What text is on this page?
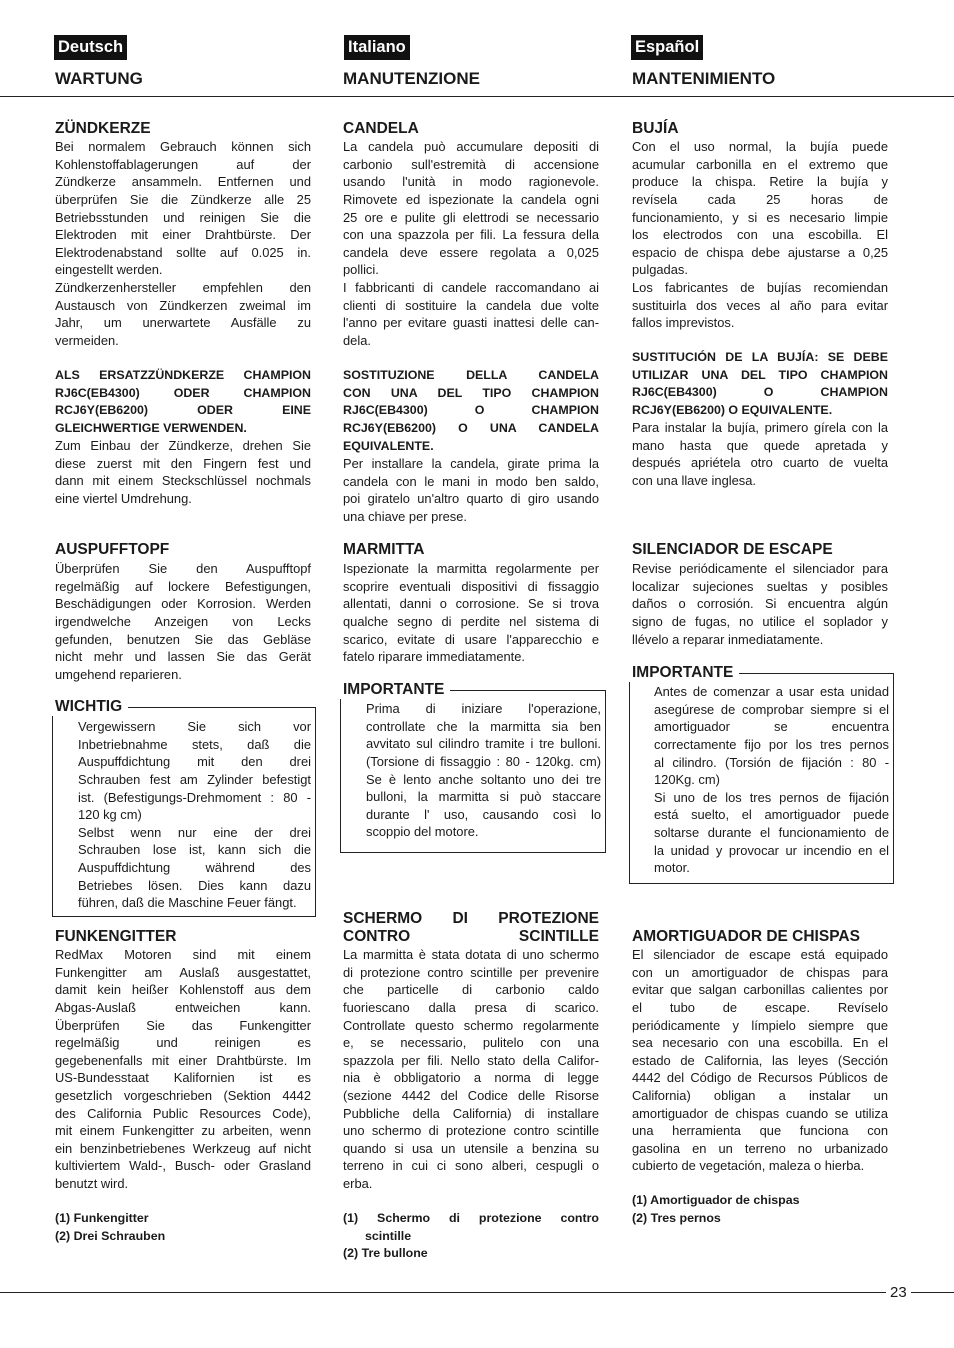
23
Deutsch
WARTUNG
ZÜNDKERZE
Bei normalem Gebrauch können sich
Kohlenstoffablagerungen auf der
Zündkerze ansammeln. Entfernen und
überprüfen Sie die Zündkerze alle 25
Betriebsstunden und reinigen Sie die
Elektroden mit einer Drahtbürste. Der
Elektrodenabstand sollte auf 0.025 in.
eingestellt werden.
Zündkerzenhersteller empfehlen den
Austausch von Zündkerzen zweimal im
Jahr, um unerwartete Ausfälle zu
vermeiden.
ALS ERSATZZÜNDKERZE CHAMPION
RJ6C(EB4300) ODER CHAMPION
RCJ6Y(EB6200) ODER EINE
GLEICHWERTIGE VERWENDEN.
Zum Einbau der Zündkerze, drehen Sie
diese zuerst mit den Fingern fest und
dann mit einem Steckschlüssel nochmals
eine viertel Umdrehung.
AUSPUFFTOPF
Überprüfen Sie den Auspufftopf
regelmäßig auf lockere Befestigungen,
Beschädigungen oder Korrosion. Werden
irgendwelche Anzeigen von Lecks
gefunden, benutzen Sie das Gebläse
nicht mehr und lassen Sie das Gerät
umgehend reparieren.
WICHTIG
Vergewissern Sie sich vor
Inbetriebnahme stets, daß die
Auspuffdichtung mit den drei
Schrauben fest am Zylinder befestigt
ist. (Befestigungs-Drehmoment : 80 -
120 kg cm)
Selbst wenn nur eine der drei
Schrauben lose ist, kann sich die
Auspuffdichtung während des
Betriebes lösen. Dies kann dazu
führen, daß die Maschine Feuer fängt.
FUNKENGITTER
RedMax Motoren sind mit einem
Funkengitter am Auslaß ausgestattet,
damit kein heißer Kohlenstoff aus dem
Abgas-Auslaß entweichen kann.
Überprüfen Sie das Funkengitter
regelmäßig und reinigen es
gegebenenfalls mit einer Drahtbürste. Im
US-Bundesstaat Kalifornien ist es
gesetzlich vorgeschrieben (Sektion 4442
des California Public Resources Code),
mit einem Funkengitter zu arbeiten, wenn
ein benzinbetriebenes Werkzeug auf nicht
kultiviertem Wald-, Busch- oder Grasland
benutzt wird.
(1) Funkengitter
(2) Drei Schrauben
Italiano
MANUTENZIONE
CANDELA
La candela può accumulare depositi di
carbonio sull'estremità di accensione
usando l'unità in modo ragionevole.
Rimovete ed ispezionate la candela ogni
25 ore e pulite gli elettrodi se necessario
con una spazzola per fili. La fessura della
candela deve essere regolata a 0,025
pollici.
I fabbricanti di candele raccomandano ai
clienti di sostituire la candela due volte
l'anno per evitare guasti inattesi delle can-
dela.
SOSTITUZIONE DELLA CANDELA
CON UNA DEL TIPO CHAMPION
RJ6C(EB4300) O CHAMPION
RCJ6Y(EB6200) O UNA CANDELA
EQUIVALENTE.
Per installare la candela, girate prima la
candela con le mani in modo ben saldo,
poi giratelo un'altro quarto di giro usando
una chiave per prese.
MARMITTA
Ispezionate la marmitta regolarmente per
scoprire eventuali dispositivi di fissaggio
allentati, danni o corrosione. Se si trova
qualche segno di perdite nel sistema di
scarico, evitate di usare l'apparecchio e
fatelo riparare immediatamente.
IMPORTANTE
Prima di iniziare l'operazione,
controllate che la marmitta sia ben
avvitato sul cilindro tramite i tre bulloni.
(Torsione di fissaggio : 80 - 120kg. cm)
Se è lento anche soltanto uno dei tre
bulloni, la marmitta si può staccare
durante l' uso, causando così lo
scoppio del motore.
SCHERMO DI PROTEZIONE
CONTRO SCINTILLE
La marmitta è stata dotata di uno schermo
di protezione contro scintille per prevenire
che particelle di carbonio caldo
fuoriescano dalla presa di scarico.
Controllate questo schermo regolarmente
e, se necessario, pulitelo con una
spazzola per fili. Nello stato della Califor-
nia è obbligatorio a norma di legge
(sezione 4442 del Codice delle Risorse
Pubbliche della California) di installare
uno schermo di protezione contro scintille
quando si usa un utensile a benzina su
terreno in cui ci sono alberi, cespugli o
erba.
(1) Schermo di protezione contro
scintille
(2) Tre bullone
Español
MANTENIMIENTO
BUJÍA
Con el uso normal, la bujía puede
acumular carbonilla en el extremo que
produce la chispa. Retire la bujía y
revísela cada 25 horas de
funcionamiento, y si es necesario limpie
los electrodos con una escobilla. El
espacio de chispa debe ajustarse a 0,25
pulgadas.
Los fabricantes de bujías recomiendan
sustituirla dos veces al año para evitar
fallos imprevistos.
SUSTITUCIÓN DE LA BUJÍA: SE DEBE
UTILIZAR UNA DEL TIPO CHAMPION
RJ6C(EB4300) O CHAMPION
RCJ6Y(EB6200) O EQUIVALENTE.
Para instalar la bujía, primero gírela con la
mano hasta que quede apretada y
después apriétela otro cuarto de vuelta
con una llave inglesa.
SILENCIADOR DE ESCAPE
Revise periódicamente el silenciador para
localizar sujeciones sueltas y posibles
daños o corrosión. Si encuentra algún
signo de fugas, no utilice el soplador y
llévelo a reparar inmediatamente.
IMPORTANTE
Antes de comenzar a usar esta unidad
asegúrese de comprobar siempre si el
amortiguador se encuentra
correctamente fijo por los tres pernos
al cilindro. (Torsión de fijación : 80 -
120Kg. cm)
Si uno de los tres pernos de fijación
está suelto, el amortiguador puede
soltarse durante el funcionamiento de
la unidad y provocar ur incendio en el
motor.
AMORTIGUADOR DE CHISPAS
El silenciador de escape está equipado
con un amortiguador de chispas para
evitar que salgan carbonillas calientes por
el tubo de escape. Revíselo
periódicamente y límpielo siempre que
sea necesario con una escobilla. En el
estado de California, las leyes (Sección
4442 del Código de Recursos Públicos de
California) obligan a instalar un
amortiguador de chispas cuando se utiliza
una herramienta que funciona con
gasolina en un terreno no urbanizado
cubierto de vegetación, maleza o hierba.
(1) Amortiguador de chispas
(2) Tres pernos
